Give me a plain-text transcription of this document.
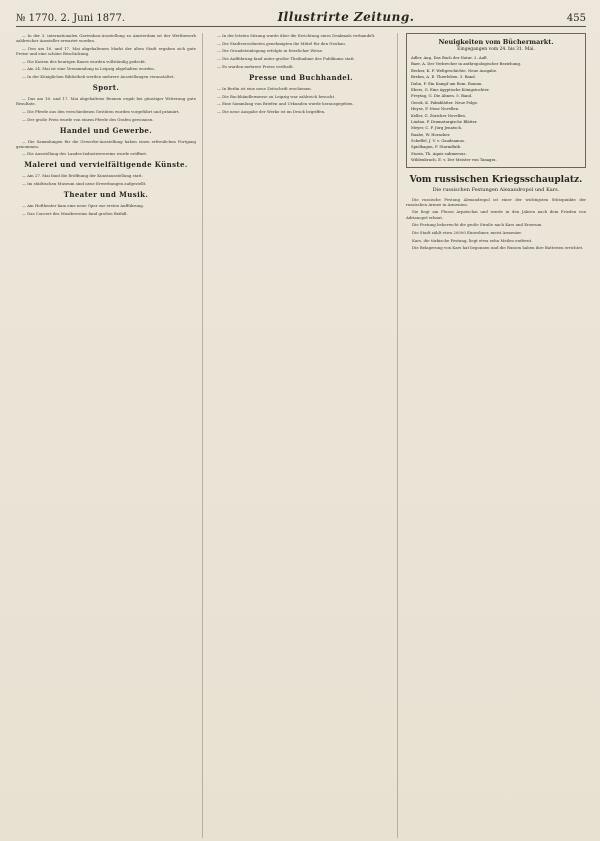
№ 1770. 2. Juni 1877.	Illustrirte Zeitung.	455

— In der 3. internationalen Gartenbau-Ausstellung zu Amsterdam ist der Wettbewerb zahlreicher Aussteller erwartet worden.

— Den am 16. und 17. Mai abgehaltenen Markt der alten Stadt ergaben sich gute Preise und eine schöne Beschickung.

— Die Kosten des heurigen Baues wurden vollständig gedeckt.

— Am 24. Mai ist eine Versammlung in Leipzig abgehalten worden.

— In der Königlichen Bibliothek werden mehrere Ausstellungen veranstaltet.

Sport.

— Das am 16. und 17. Mai abgehaltene Rennen ergab bei günstiger Witterung gute Resultate.

— Die Pferde aus den verschiedenen Gestüten wurden vorgeführt und prämiirt.

— Der große Preis wurde von einem Pferde des Grafen gewonnen.

Handel und Gewerbe.

— Die Sammlungen für die Gewerbe-Ausstellung haben einen erfreulichen Fortgang genommen.

— Die Ausstellung des Landes-Industrievereins wurde eröffnet.

Malerei und vervielfältigende Künste.

— Am 27. Mai fand die Eröffnung der Kunstausstellung statt.

— Im städtischen Museum sind neue Erwerbungen aufgestellt.

Theater und Musik.

— Am Hoftheater kam eine neue Oper zur ersten Aufführung.

— Das Concert des Musikvereins fand großen Beifall.

— In der letzten Sitzung wurde über die Errichtung eines Denkmals verhandelt.

— Die Stadtverordneten genehmigten die Mittel für den Neubau.

— Die Grundsteinlegung erfolgte in feierlicher Weise.

— Die Aufführung fand unter großer Theilnahme des Publikums statt.

— Es wurden mehrere Preise vertheilt.

Presse und Buchhandel.

— In Berlin ist eine neue Zeitschrift erschienen.

— Die Buchhändlermesse zu Leipzig war zahlreich besucht.

— Eine Sammlung von Briefen und Urkunden wurde herausgegeben.

— Die neue Ausgabe der Werke ist im Druck begriffen.

Neuigkeiten vom Büchermarkt.
Eingegangen vom 24. bis 31. Mai.
Adler, Aug. Das Buch der Natur. 2. Aufl.
Baer, A. Der Verbrecher in anthropologischer Beziehung.
Becker, K. F. Weltgeschichte. Neue Ausgabe.
Brehm, A. E. Thierleben. 3. Band.
Dahn, F. Ein Kampf um Rom. Roman.
Ebers, G. Eine ägyptische Königstochter.
Freytag, G. Die Ahnen. 5. Band.
Gerok, K. Palmblätter. Neue Folge.
Heyse, P. Neue Novellen.
Keller, G. Züricher Novellen.
Lindau, P. Dramaturgische Blätter.
Meyer, C. F. Jürg Jenatsch.
Raabe, W. Horacker.
Scheffel, J. V. v. Gaudeamus.
Spielhagen, F. Sturmfluth.
Storm, Th. Aquis submersus.
Wildenbruch, E. v. Der Meister von Tanagra.
Vom russischen Kriegsschauplatz.
Die russischen Festungen Alexandropol und Kars.

Die russische Festung Alexandropol ist einer der wichtigsten Stützpunkte der russischen Armee in Armenien.

Sie liegt am Flusse Arpatschai und wurde in den Jahren nach dem Frieden von Adrianopel erbaut.

Die Festung beherrscht die große Straße nach Kars und Erzerum.

Die Stadt zählt etwa 20000 Einwohner, meist Armenier.

Kars, die türkische Festung, liegt etwa zehn Meilen entfernt.

Die Belagerung von Kars hat begonnen und die Russen haben ihre Batterien errichtet.
